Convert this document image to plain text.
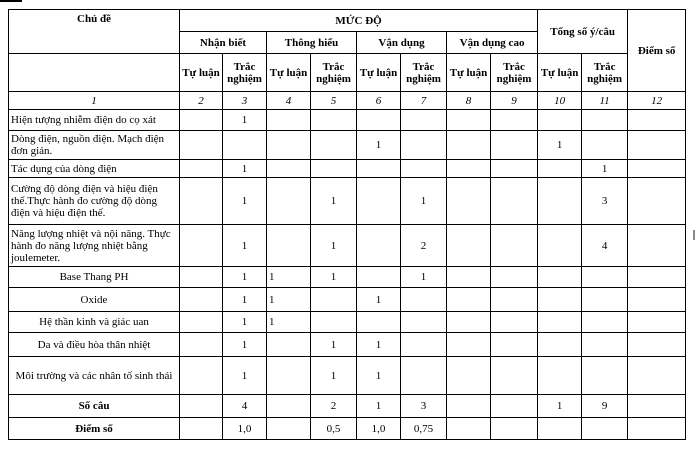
Chủ đề	MỨC ĐỘ								Tổng số ý/câu		Điểm số	
	Nhận biết		Thông hiểu		Vận dụng		Vận dụng cao					
	Tự luận	Trắc nghiệm	Tự luận	Trắc nghiệm	Tự luận	Trắc nghiệm	Tự luận	Trắc nghiệm	Tự luận	Trắc nghiệm		
1	2	3	4	5	6	7	8	9	10	11	12	
Hiện tượng nhiễm điện do cọ xát		1										
Dòng điện, nguồn điện. Mạch điện đơn giản.					1				1			
Tác dụng của dòng điện		1								1		
Cường độ dòng điện và hiệu điện thế.Thực hành đo cường độ dòng điện và hiệu điện thế.		1		1		1				3		
Năng lượng nhiệt và nội năng. Thực hành đo năng lượng nhiệt bằng joulemeter.		1		1		2				4		
Base Thang PH		1	1	1		1						
Oxide		1	1		1							
Hệ thần kinh và giác uan		1	1									
Da và điều hòa thân nhiệt		1		1	1							
Môi trường và các nhân tố sinh thái		1		1	1							
Số câu		4		2	1	3			1	9		
Điểm số		1,0		0,5	1,0	0,75						
